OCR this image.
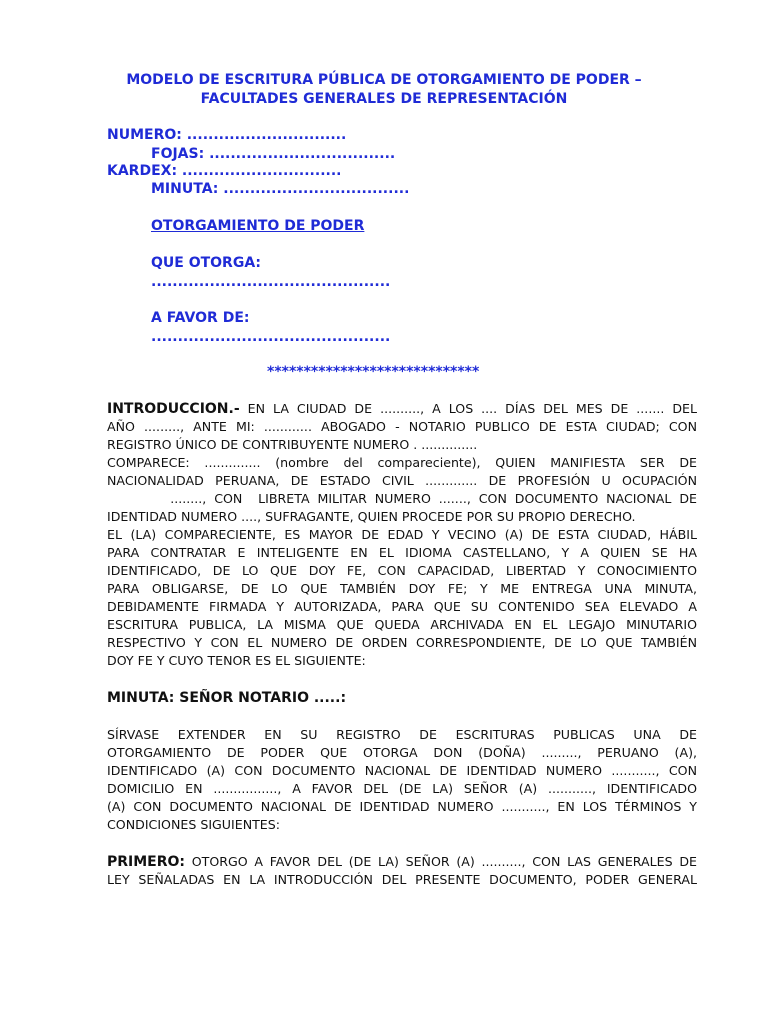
MODELO DE ESCRITURA PÚBLICA DE OTORGAMIENTO DE PODER –
FACULTADES GENERALES DE REPRESENTACIÓN
NUMERO: ..............................
FOJAS: ...................................
KARDEX: ..............................
MINUTA: ...................................
OTORGAMIENTO DE PODER
QUE OTORGA:
.............................................
A FAVOR DE:
.............................................
*****************************
INTRODUCCION.- EN LA CIUDAD DE .........., A LOS .... DÍAS DEL MES DE ....... DEL
AÑO ........., ANTE MI: ............ ABOGADO - NOTARIO PUBLICO DE ESTA CIUDAD; CON
REGISTRO ÚNICO DE CONTRIBUYENTE NUMERO . ..............
COMPARECE: .............. (nombre del compareciente), QUIEN MANIFIESTA SER DE
NACIONALIDAD PERUANA, DE ESTADO CIVIL ............. DE PROFESIÓN U OCUPACIÓN
........, CON  LIBRETA MILITAR NUMERO ......., CON DOCUMENTO NACIONAL DE
IDENTIDAD NUMERO ...., SUFRAGANTE, QUIEN PROCEDE POR SU PROPIO DERECHO.
EL (LA) COMPARECIENTE, ES MAYOR DE EDAD Y VECINO (A) DE ESTA CIUDAD, HÁBIL
PARA CONTRATAR E INTELIGENTE EN EL IDIOMA CASTELLANO, Y A QUIEN SE HA
IDENTIFICADO, DE LO QUE DOY FE, CON CAPACIDAD, LIBERTAD Y CONOCIMIENTO
PARA OBLIGARSE, DE LO QUE TAMBIÉN DOY FE; Y ME ENTREGA UNA MINUTA,
DEBIDAMENTE FIRMADA Y AUTORIZADA, PARA QUE SU CONTENIDO SEA ELEVADO A
ESCRITURA PUBLICA, LA MISMA QUE QUEDA ARCHIVADA EN EL LEGAJO MINUTARIO
RESPECTIVO Y CON EL NUMERO DE ORDEN CORRESPONDIENTE, DE LO QUE TAMBIÉN
DOY FE Y CUYO TENOR ES EL SIGUIENTE:
MINUTA: SEÑOR NOTARIO .....:
SÍRVASE EXTENDER EN SU REGISTRO DE ESCRITURAS PUBLICAS UNA DE
OTORGAMIENTO DE PODER QUE OTORGA DON (DOÑA) ........., PERUANO (A),
IDENTIFICADO (A) CON DOCUMENTO NACIONAL DE IDENTIDAD NUMERO ..........., CON
DOMICILIO EN ................, A FAVOR DEL (DE LA) SEÑOR (A) ..........., IDENTIFICADO
(A) CON DOCUMENTO NACIONAL DE IDENTIDAD NUMERO ..........., EN LOS TÉRMINOS Y
CONDICIONES SIGUIENTES:
PRIMERO: OTORGO A FAVOR DEL (DE LA) SEÑOR (A) .........., CON LAS GENERALES DE
LEY SEÑALADAS EN LA INTRODUCCIÓN DEL PRESENTE DOCUMENTO, PODER GENERAL
